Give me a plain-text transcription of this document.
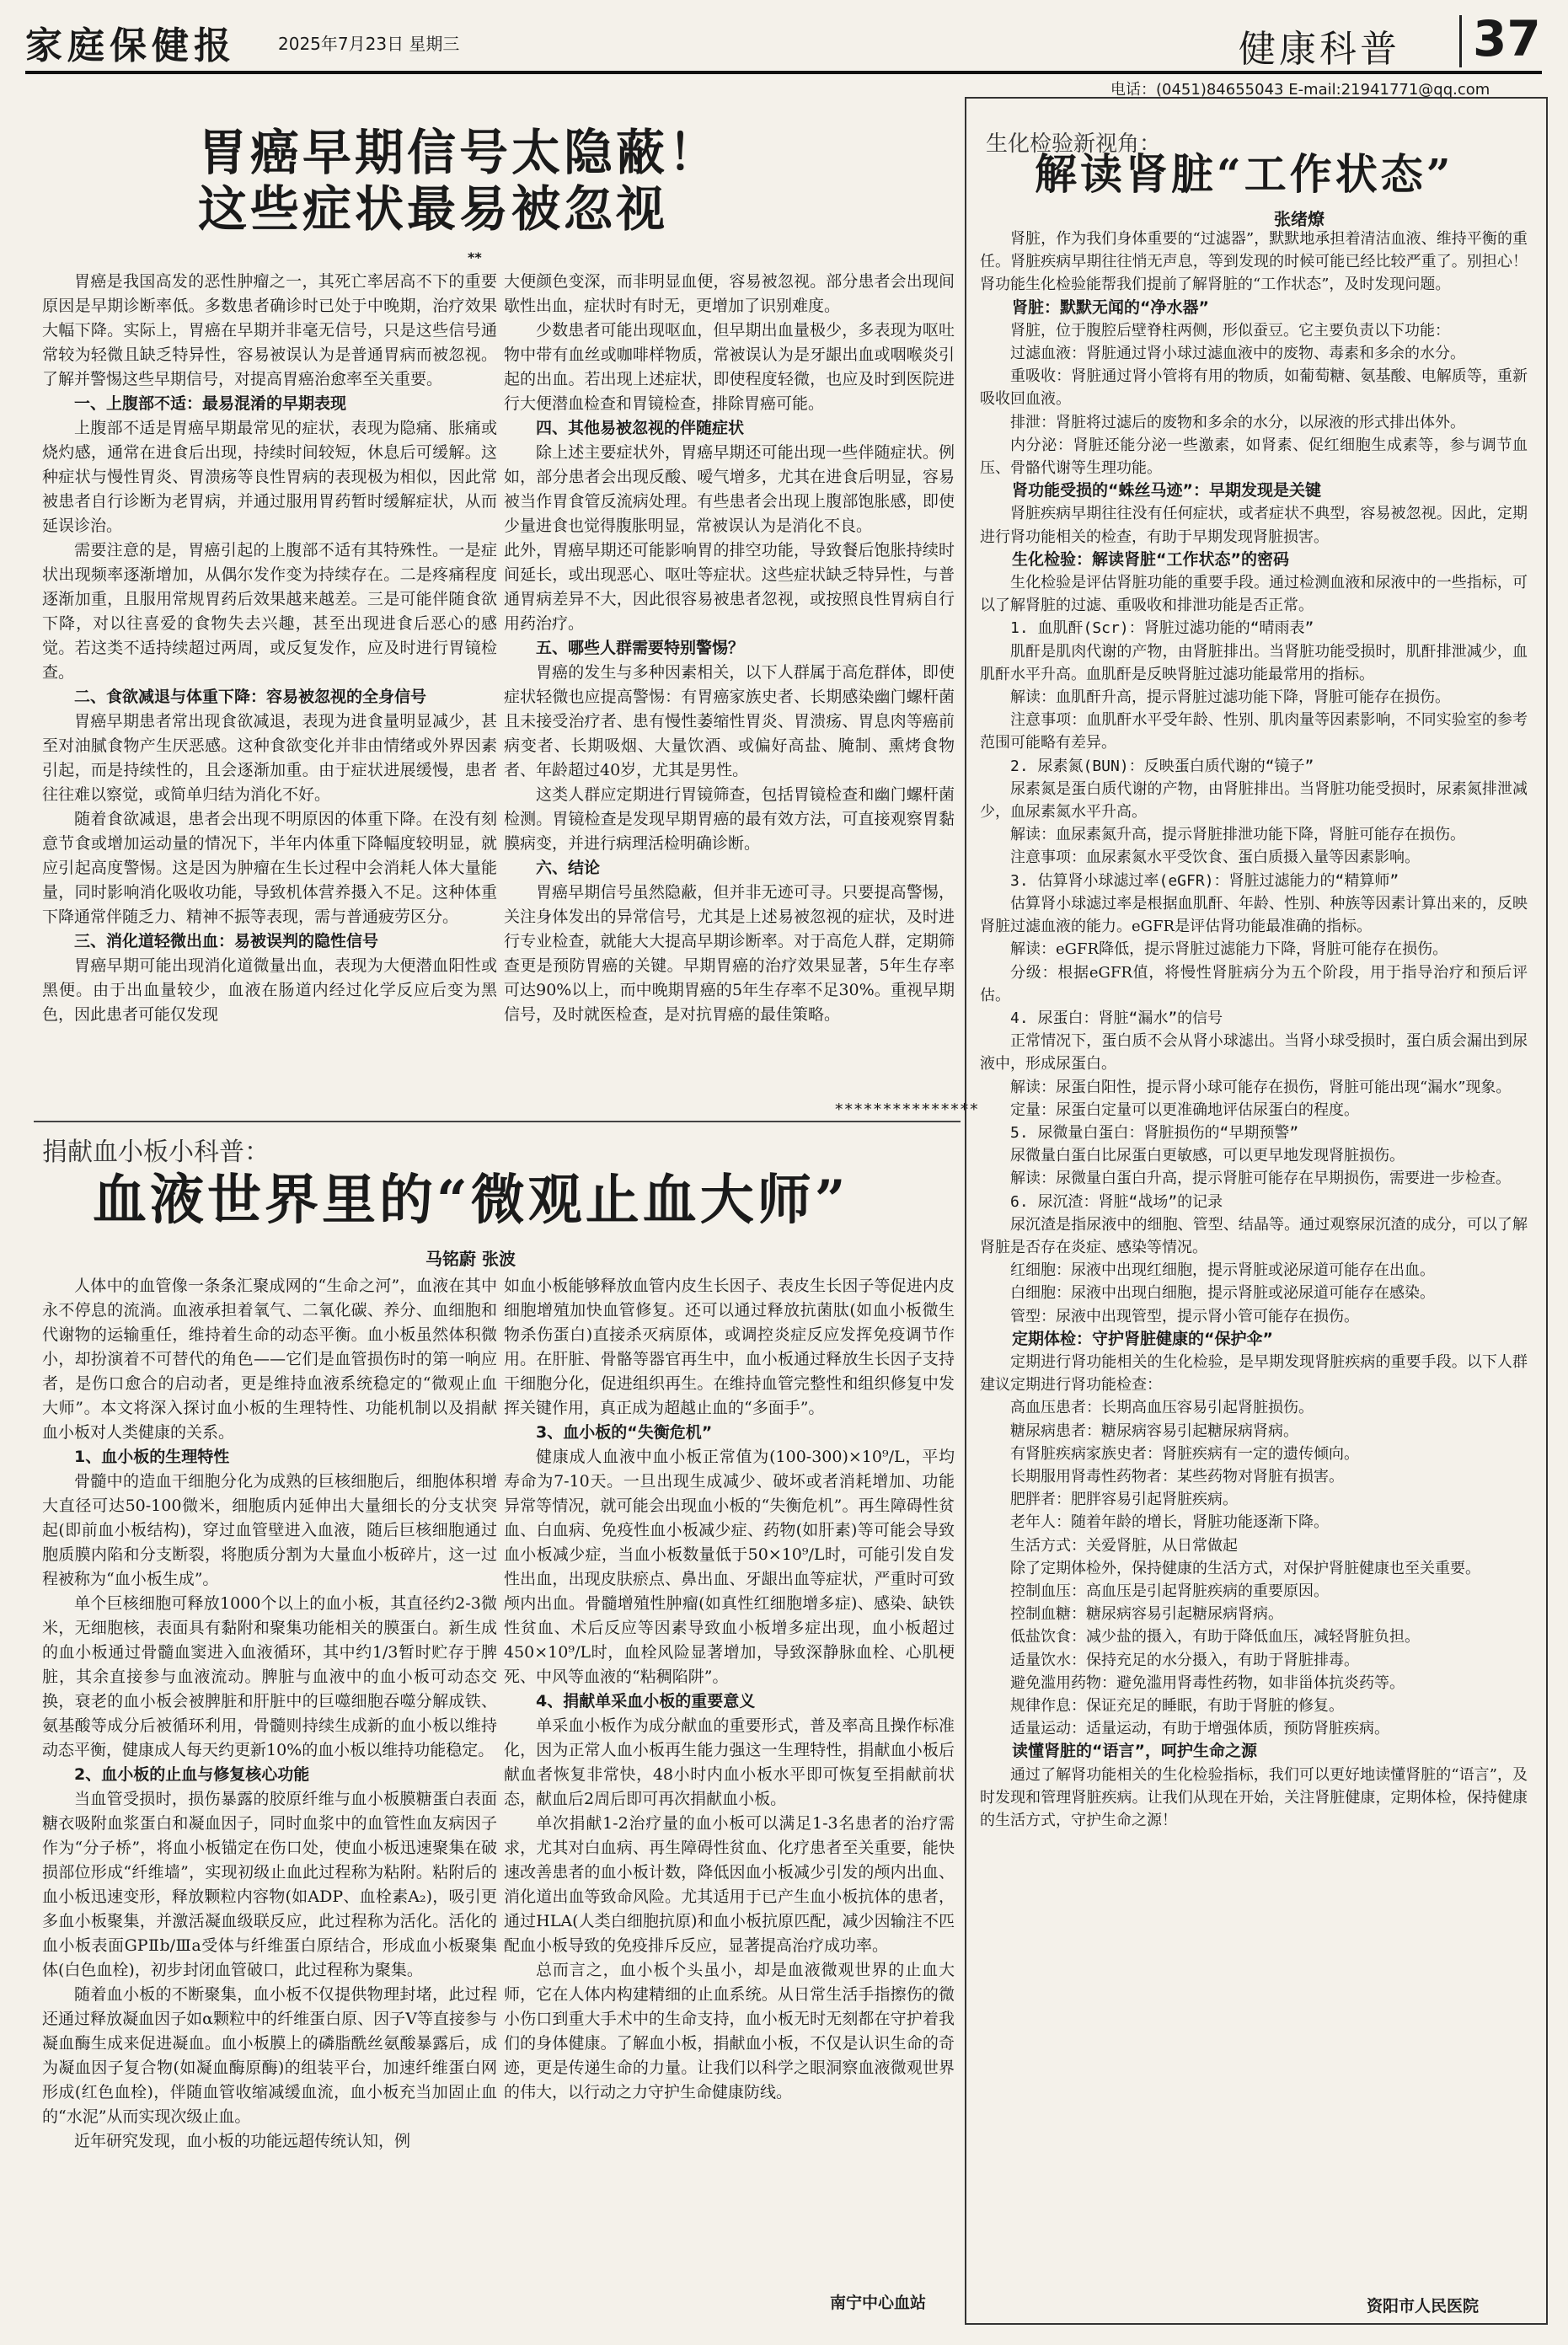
家庭保健报	2025年7月23日 星期三	健康科普 37
电话：(0451)84655043 E-mail:21941771@qq.com
胃癌早期信号太隐蔽！
这些症状最易被忽视
**

胃癌是我国高发的恶性肿瘤之一，其死亡率居高不下的重要原因是早期诊断率低。多数患者确诊时已处于中晚期，治疗效果大幅下降。实际上，胃癌在早期并非毫无信号，只是这些信号通常较为轻微且缺乏特异性，容易被误认为是普通胃病而被忽视。了解并警惕这些早期信号，对提高胃癌治愈率至关重要。

一、上腹部不适：最易混淆的早期表现

上腹部不适是胃癌早期最常见的症状，表现为隐痛、胀痛或烧灼感，通常在进食后出现，持续时间较短，休息后可缓解。这种症状与慢性胃炎、胃溃疡等良性胃病的表现极为相似，因此常被患者自行诊断为老胃病，并通过服用胃药暂时缓解症状，从而延误诊治。

需要注意的是，胃癌引起的上腹部不适有其特殊性。一是症状出现频率逐渐增加，从偶尔发作变为持续存在。二是疼痛程度逐渐加重，且服用常规胃药后效果越来越差。三是可能伴随食欲下降，对以往喜爱的食物失去兴趣，甚至出现进食后恶心的感觉。若这类不适持续超过两周，或反复发作，应及时进行胃镜检查。

二、食欲减退与体重下降：容易被忽视的全身信号

胃癌早期患者常出现食欲减退，表现为进食量明显减少，甚至对油腻食物产生厌恶感。这种食欲变化并非由情绪或外界因素引起，而是持续性的，且会逐渐加重。由于症状进展缓慢，患者往往难以察觉，或简单归结为消化不好。

随着食欲减退，患者会出现不明原因的体重下降。在没有刻意节食或增加运动量的情况下，半年内体重下降幅度较明显，就应引起高度警惕。这是因为肿瘤在生长过程中会消耗人体大量能量，同时影响消化吸收功能，导致机体营养摄入不足。这种体重下降通常伴随乏力、精神不振等表现，需与普通疲劳区分。

三、消化道轻微出血：易被误判的隐性信号

胃癌早期可能出现消化道微量出血，表现为大便潜血阳性或黑便。由于出血量较少，血液在肠道内经过化学反应后变为黑色，因此患者可能仅发现

大便颜色变深，而非明显血便，容易被忽视。部分患者会出现间歇性出血，症状时有时无，更增加了识别难度。

少数患者可能出现呕血，但早期出血量极少，多表现为呕吐物中带有血丝或咖啡样物质，常被误认为是牙龈出血或咽喉炎引起的出血。若出现上述症状，即使程度轻微，也应及时到医院进行大便潜血检查和胃镜检查，排除胃癌可能。

四、其他易被忽视的伴随症状

除上述主要症状外，胃癌早期还可能出现一些伴随症状。例如，部分患者会出现反酸、嗳气增多，尤其在进食后明显，容易被当作胃食管反流病处理。有些患者会出现上腹部饱胀感，即使少量进食也觉得腹胀明显，常被误认为是消化不良。

此外，胃癌早期还可能影响胃的排空功能，导致餐后饱胀持续时间延长，或出现恶心、呕吐等症状。这些症状缺乏特异性，与普通胃病差异不大，因此很容易被患者忽视，或按照良性胃病自行用药治疗。

五、哪些人群需要特别警惕？

胃癌的发生与多种因素相关，以下人群属于高危群体，即使症状轻微也应提高警惕：有胃癌家族史者、长期感染幽门螺杆菌且未接受治疗者、患有慢性萎缩性胃炎、胃溃疡、胃息肉等癌前病变者、长期吸烟、大量饮酒、或偏好高盐、腌制、熏烤食物者、年龄超过40岁，尤其是男性。

这类人群应定期进行胃镜筛查，包括胃镜检查和幽门螺杆菌检测。胃镜检查是发现早期胃癌的最有效方法，可直接观察胃黏膜病变，并进行病理活检明确诊断。

六、结论

胃癌早期信号虽然隐蔽，但并非无迹可寻。只要提高警惕，关注身体发出的异常信号，尤其是上述易被忽视的症状，及时进行专业检查，就能大大提高早期诊断率。对于高危人群，定期筛查更是预防胃癌的关键。早期胃癌的治疗效果显著，5年生存率可达90%以上，而中晚期胃癌的5年生存率不足30%。重视早期信号，及时就医检查，是对抗胃癌的最佳策略。

***************
捐献血小板小科普：
血液世界里的“微观止血大师”
马铭蔚 张波

人体中的血管像一条条汇聚成网的“生命之河”，血液在其中永不停息的流淌。血液承担着氧气、二氧化碳、养分、血细胞和代谢物的运输重任，维持着生命的动态平衡。血小板虽然体积微小，却扮演着不可替代的角色——它们是血管损伤时的第一响应者，是伤口愈合的启动者，更是维持血液系统稳定的“微观止血大师”。本文将深入探讨血小板的生理特性、功能机制以及捐献血小板对人类健康的关系。

1、血小板的生理特性

骨髓中的造血干细胞分化为成熟的巨核细胞后，细胞体积增大直径可达50-100微米，细胞质内延伸出大量细长的分支状突起(即前血小板结构)，穿过血管壁进入血液，随后巨核细胞通过胞质膜内陷和分支断裂，将胞质分割为大量血小板碎片，这一过程被称为“血小板生成”。

单个巨核细胞可释放1000个以上的血小板，其直径约2-3微米，无细胞核，表面具有黏附和聚集功能相关的膜蛋白。新生成的血小板通过骨髓血窦进入血液循环，其中约1/3暂时贮存于脾脏，其余直接参与血液流动。脾脏与血液中的血小板可动态交换，衰老的血小板会被脾脏和肝脏中的巨噬细胞吞噬分解成铁、氨基酸等成分后被循环利用，骨髓则持续生成新的血小板以维持动态平衡，健康成人每天约更新10%的血小板以维持功能稳定。

2、血小板的止血与修复核心功能

当血管受损时，损伤暴露的胶原纤维与血小板膜糖蛋白表面糖衣吸附血浆蛋白和凝血因子，同时血浆中的血管性血友病因子作为“分子桥”，将血小板锚定在伤口处，使血小板迅速聚集在破损部位形成“纤维墙”，实现初级止血此过程称为粘附。粘附后的血小板迅速变形，释放颗粒内容物(如ADP、血栓素A₂)，吸引更多血小板聚集，并激活凝血级联反应，此过程称为活化。活化的血小板表面GPⅡb/Ⅲa受体与纤维蛋白原结合，形成血小板聚集体(白色血栓)，初步封闭血管破口，此过程称为聚集。

随着血小板的不断聚集，血小板不仅提供物理封堵，此过程还通过释放凝血因子如α颗粒中的纤维蛋白原、因子V等直接参与凝血酶生成来促进凝血。血小板膜上的磷脂酰丝氨酸暴露后，成为凝血因子复合物(如凝血酶原酶)的组装平台，加速纤维蛋白网形成(红色血栓)，伴随血管收缩减缓血流，血小板充当加固止血的“水泥”从而实现次级止血。

近年研究发现，血小板的功能远超传统认知，例

如血小板能够释放血管内皮生长因子、表皮生长因子等促进内皮细胞增殖加快血管修复。还可以通过释放抗菌肽(如血小板微生物杀伤蛋白)直接杀灭病原体，或调控炎症反应发挥免疫调节作用。在肝脏、骨骼等器官再生中，血小板通过释放生长因子支持干细胞分化，促进组织再生。在维持血管完整性和组织修复中发挥关键作用，真正成为超越止血的“多面手”。

3、血小板的“失衡危机”

健康成人血液中血小板正常值为(100-300)×10⁹/L，平均寿命为7-10天。一旦出现生成减少、破坏或者消耗增加、功能异常等情况，就可能会出现血小板的“失衡危机”。再生障碍性贫血、白血病、免疫性血小板减少症、药物(如肝素)等可能会导致血小板减少症，当血小板数量低于50×10⁹/L时，可能引发自发性出血，出现皮肤瘀点、鼻出血、牙龈出血等症状，严重时可致颅内出血。骨髓增殖性肿瘤(如真性红细胞增多症)、感染、缺铁性贫血、术后反应等因素导致血小板增多症出现，血小板超过450×10⁹/L时，血栓风险显著增加，导致深静脉血栓、心肌梗死、中风等血液的“粘稠陷阱”。

4、捐献单采血小板的重要意义

单采血小板作为成分献血的重要形式，普及率高且操作标准化，因为正常人血小板再生能力强这一生理特性，捐献血小板后献血者恢复非常快，48小时内血小板水平即可恢复至捐献前状态，献血后2周后即可再次捐献血小板。

单次捐献1-2治疗量的血小板可以满足1-3名患者的治疗需求，尤其对白血病、再生障碍性贫血、化疗患者至关重要，能快速改善患者的血小板计数，降低因血小板减少引发的颅内出血、消化道出血等致命风险。尤其适用于已产生血小板抗体的患者，通过HLA(人类白细胞抗原)和血小板抗原匹配，减少因输注不匹配血小板导致的免疫排斥反应，显著提高治疗成功率。

总而言之，血小板个头虽小，却是血液微观世界的止血大师，它在人体内构建精细的止血系统。从日常生活手指擦伤的微小伤口到重大手术中的生命支持，血小板无时无刻都在守护着我们的身体健康。了解血小板，捐献血小板，不仅是认识生命的奇迹，更是传递生命的力量。让我们以科学之眼洞察血液微观世界的伟大，以行动之力守护生命健康防线。

南宁中心血站
生化检验新视角：
解读肾脏“工作状态”
张绪燎

肾脏，作为我们身体重要的“过滤器”，默默地承担着清洁血液、维持平衡的重任。肾脏疾病早期往往悄无声息，等到发现的时候可能已经比较严重了。别担心！肾功能生化检验能帮我们提前了解肾脏的“工作状态”，及时发现问题。

肾脏：默默无闻的“净水器”

肾脏，位于腹腔后壁脊柱两侧，形似蚕豆。它主要负责以下功能：

过滤血液：肾脏通过肾小球过滤血液中的废物、毒素和多余的水分。

重吸收：肾脏通过肾小管将有用的物质，如葡萄糖、氨基酸、电解质等，重新吸收回血液。

排泄：肾脏将过滤后的废物和多余的水分，以尿液的形式排出体外。

内分泌：肾脏还能分泌一些激素，如肾素、促红细胞生成素等，参与调节血压、骨骼代谢等生理功能。

肾功能受损的“蛛丝马迹”：早期发现是关键

肾脏疾病早期往往没有任何症状，或者症状不典型，容易被忽视。因此，定期进行肾功能相关的检查，有助于早期发现肾脏损害。

生化检验：解读肾脏“工作状态”的密码

生化检验是评估肾脏功能的重要手段。通过检测血液和尿液中的一些指标，可以了解肾脏的过滤、重吸收和排泄功能是否正常。

1. 血肌酐(Scr)：肾脏过滤功能的“晴雨表”

肌酐是肌肉代谢的产物，由肾脏排出。当肾脏功能受损时，肌酐排泄减少，血肌酐水平升高。血肌酐是反映肾脏过滤功能最常用的指标。

解读：血肌酐升高，提示肾脏过滤功能下降，肾脏可能存在损伤。

注意事项：血肌酐水平受年龄、性别、肌肉量等因素影响，不同实验室的参考范围可能略有差异。

2. 尿素氮(BUN)：反映蛋白质代谢的“镜子”

尿素氮是蛋白质代谢的产物，由肾脏排出。当肾脏功能受损时，尿素氮排泄减少，血尿素氮水平升高。

解读：血尿素氮升高，提示肾脏排泄功能下降，肾脏可能存在损伤。

注意事项：血尿素氮水平受饮食、蛋白质摄入量等因素影响。

3. 估算肾小球滤过率(eGFR)：肾脏过滤能力的“精算师”

估算肾小球滤过率是根据血肌酐、年龄、性别、种族等因素计算出来的，反映肾脏过滤血液的能力。eGFR是评估肾功能最准确的指标。

解读：eGFR降低，提示肾脏过滤能力下降，肾脏可能存在损伤。

分级：根据eGFR值，将慢性肾脏病分为五个阶段，用于指导治疗和预后评估。

4. 尿蛋白：肾脏“漏水”的信号

正常情况下，蛋白质不会从肾小球滤出。当肾小球受损时，蛋白质会漏出到尿液中，形成尿蛋白。

解读：尿蛋白阳性，提示肾小球可能存在损伤，肾脏可能出现“漏水”现象。

定量：尿蛋白定量可以更准确地评估尿蛋白的程度。

5. 尿微量白蛋白：肾脏损伤的“早期预警”

尿微量白蛋白比尿蛋白更敏感，可以更早地发现肾脏损伤。

解读：尿微量白蛋白升高，提示肾脏可能存在早期损伤，需要进一步检查。

6. 尿沉渣：肾脏“战场”的记录

尿沉渣是指尿液中的细胞、管型、结晶等。通过观察尿沉渣的成分，可以了解肾脏是否存在炎症、感染等情况。

红细胞：尿液中出现红细胞，提示肾脏或泌尿道可能存在出血。

白细胞：尿液中出现白细胞，提示肾脏或泌尿道可能存在感染。

管型：尿液中出现管型，提示肾小管可能存在损伤。

定期体检：守护肾脏健康的“保护伞”

定期进行肾功能相关的生化检验，是早期发现肾脏疾病的重要手段。以下人群建议定期进行肾功能检查：

高血压患者：长期高血压容易引起肾脏损伤。

糖尿病患者：糖尿病容易引起糖尿病肾病。

有肾脏疾病家族史者：肾脏疾病有一定的遗传倾向。

长期服用肾毒性药物者：某些药物对肾脏有损害。

肥胖者：肥胖容易引起肾脏疾病。

老年人：随着年龄的增长，肾脏功能逐渐下降。

生活方式：关爱肾脏，从日常做起

除了定期体检外，保持健康的生活方式，对保护肾脏健康也至关重要。

控制血压：高血压是引起肾脏疾病的重要原因。

控制血糖：糖尿病容易引起糖尿病肾病。

低盐饮食：减少盐的摄入，有助于降低血压，减轻肾脏负担。

适量饮水：保持充足的水分摄入，有助于肾脏排毒。

避免滥用药物：避免滥用肾毒性药物，如非甾体抗炎药等。

规律作息：保证充足的睡眠，有助于肾脏的修复。

适量运动：适量运动，有助于增强体质，预防肾脏疾病。

读懂肾脏的“语言”，呵护生命之源

通过了解肾功能相关的生化检验指标，我们可以更好地读懂肾脏的“语言”，及时发现和管理肾脏疾病。让我们从现在开始，关注肾脏健康，定期体检，保持健康的生活方式，守护生命之源！

资阳市人民医院
